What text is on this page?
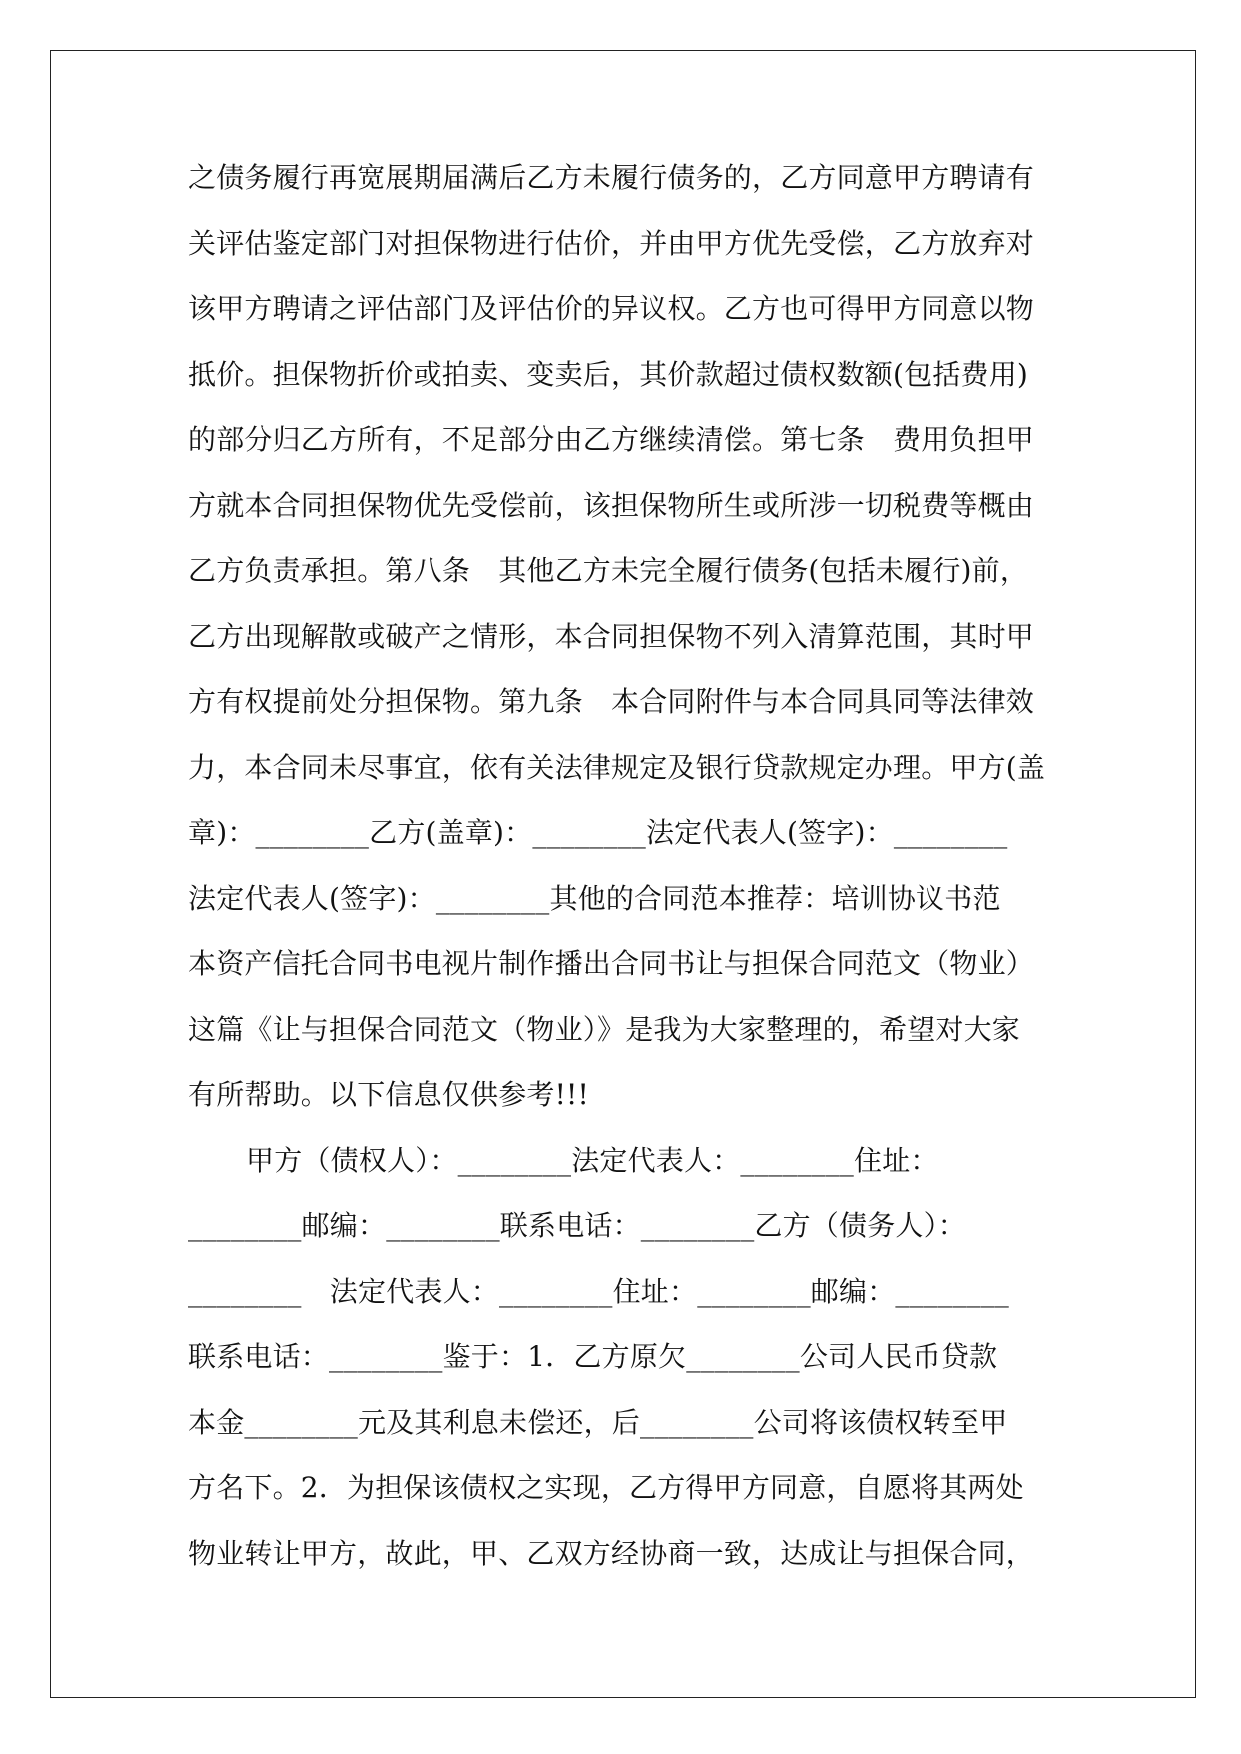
之债务履行再宽展期届满后乙方未履行债务的，乙方同意甲方聘请有
关评估鉴定部门对担保物进行估价，并由甲方优先受偿，乙方放弃对
该甲方聘请之评估部门及评估价的异议权。乙方也可得甲方同意以物
抵价。担保物折价或拍卖、变卖后，其价款超过债权数额(包括费用)
的部分归乙方所有，不足部分由乙方继续清偿。第七条　费用负担甲
方就本合同担保物优先受偿前，该担保物所生或所涉一切税费等概由
乙方负责承担。第八条　其他乙方未完全履行债务(包括未履行)前，
乙方出现解散或破产之情形，本合同担保物不列入清算范围，其时甲
方有权提前处分担保物。第九条　本合同附件与本合同具同等法律效
力，本合同未尽事宜，依有关法律规定及银行贷款规定办理。甲方(盖
章)：________乙方(盖章)：________法定代表人(签字)：________
法定代表人(签字)：________其他的合同范本推荐：培训协议书范
本资产信托合同书电视片制作播出合同书让与担保合同范文（物业）
这篇《让与担保合同范文（物业）》是我为大家整理的，希望对大家
有所帮助。以下信息仅供参考!!!
甲方（债权人）：________法定代表人：________住址：
________邮编：________联系电话：________乙方（债务人）：
________　法定代表人：________住址：________邮编：________
联系电话：________鉴于：1．乙方原欠________公司人民币贷款
本金________元及其利息未偿还，后________公司将该债权转至甲
方名下。2．为担保该债权之实现，乙方得甲方同意，自愿将其两处
物业转让甲方，故此，甲、乙双方经协商一致，达成让与担保合同，
